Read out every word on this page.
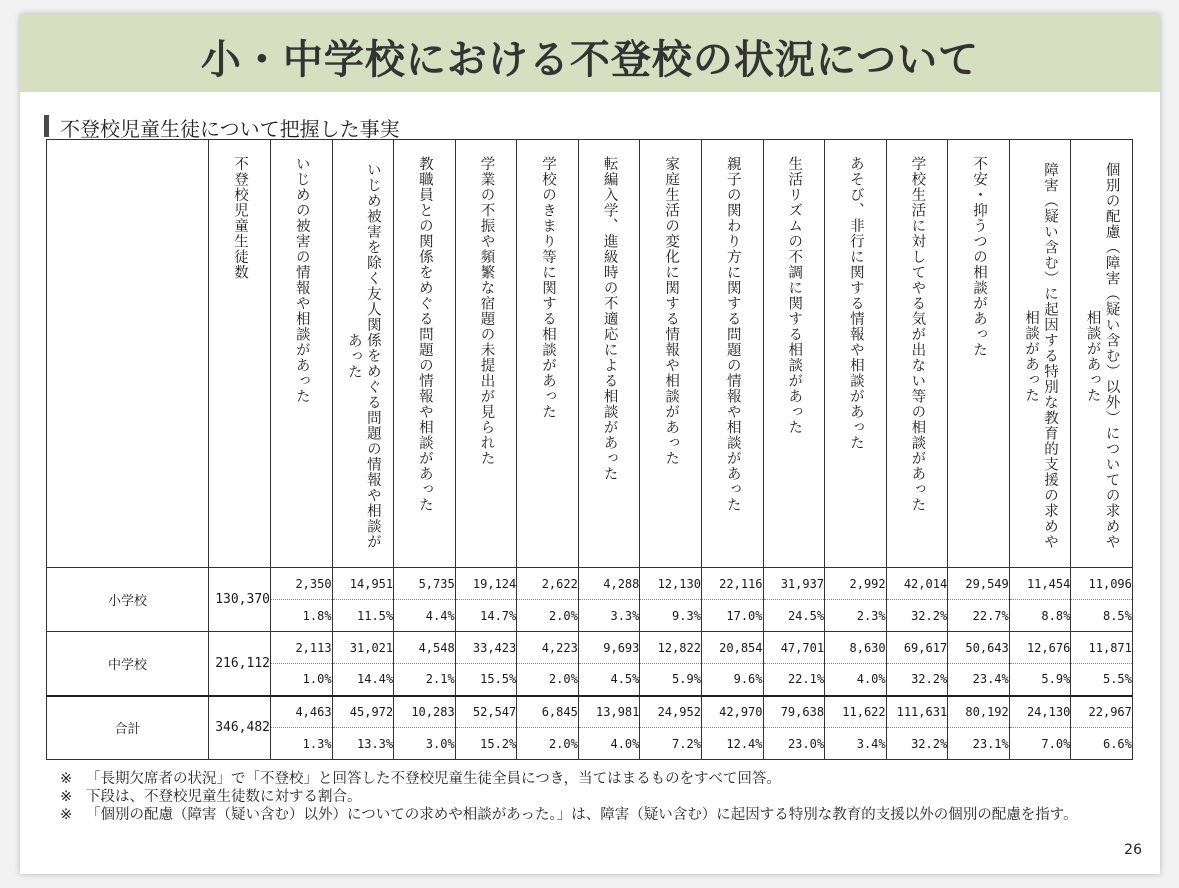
小・中学校における不登校の状況について
不登校児童生徒について把握した事実

	不登校児童生徒数	いじめの被害の情報や相談があった	いじめ被害を除く友人関係をめぐる問題の情報や相談があった	教職員との関係をめぐる問題の情報や相談があった	学業の不振や頻繁な宿題の未提出が見られた	学校のきまり等に関する相談があった	転編入学、進級時の不適応による相談があった	家庭生活の変化に関する情報や相談があった	親子の関わり方に関する問題の情報や相談があった	生活リズムの不調に関する相談があった	あそび、非行に関する情報や相談があった	学校生活に対してやる気が出ない等の相談があった	不安・抑うつの相談があった	障害（疑い含む）に起因する特別な教育的支援の求めや相談があった	個別の配慮（障害（疑い含む）以外）についての求めや相談があった

小学校	130,370	2,350	14,951	5,735	19,124	2,622	4,288	12,130	22,116	31,937	2,992	42,014	29,549	11,454	11,096
		1.8%	11.5%	4.4%	14.7%	2.0%	3.3%	9.3%	17.0%	24.5%	2.3%	32.2%	22.7%	8.8%	8.5%
中学校	216,112	2,113	31,021	4,548	33,423	4,223	9,693	12,822	20,854	47,701	8,630	69,617	50,643	12,676	11,871
		1.0%	14.4%	2.1%	15.5%	2.0%	4.5%	5.9%	9.6%	22.1%	4.0%	32.2%	23.4%	5.9%	5.5%
合計	346,482	4,463	45,972	10,283	52,547	6,845	13,981	24,952	42,970	79,638	11,622	111,631	80,192	24,130	22,967
		1.3%	13.3%	3.0%	15.2%	2.0%	4.0%	7.2%	12.4%	23.0%	3.4%	32.2%	23.1%	7.0%	6.6%
※ 「長期欠席者の状況」で「不登校」と回答した不登校児童生徒全員につき，当てはまるものをすべて回答。
※ 下段は、不登校児童生徒数に対する割合。
※ 「個別の配慮（障害（疑い含む）以外）についての求めや相談があった。」は、障害（疑い含む）に起因する特別な教育的支援以外の個別の配慮を指す。
26
